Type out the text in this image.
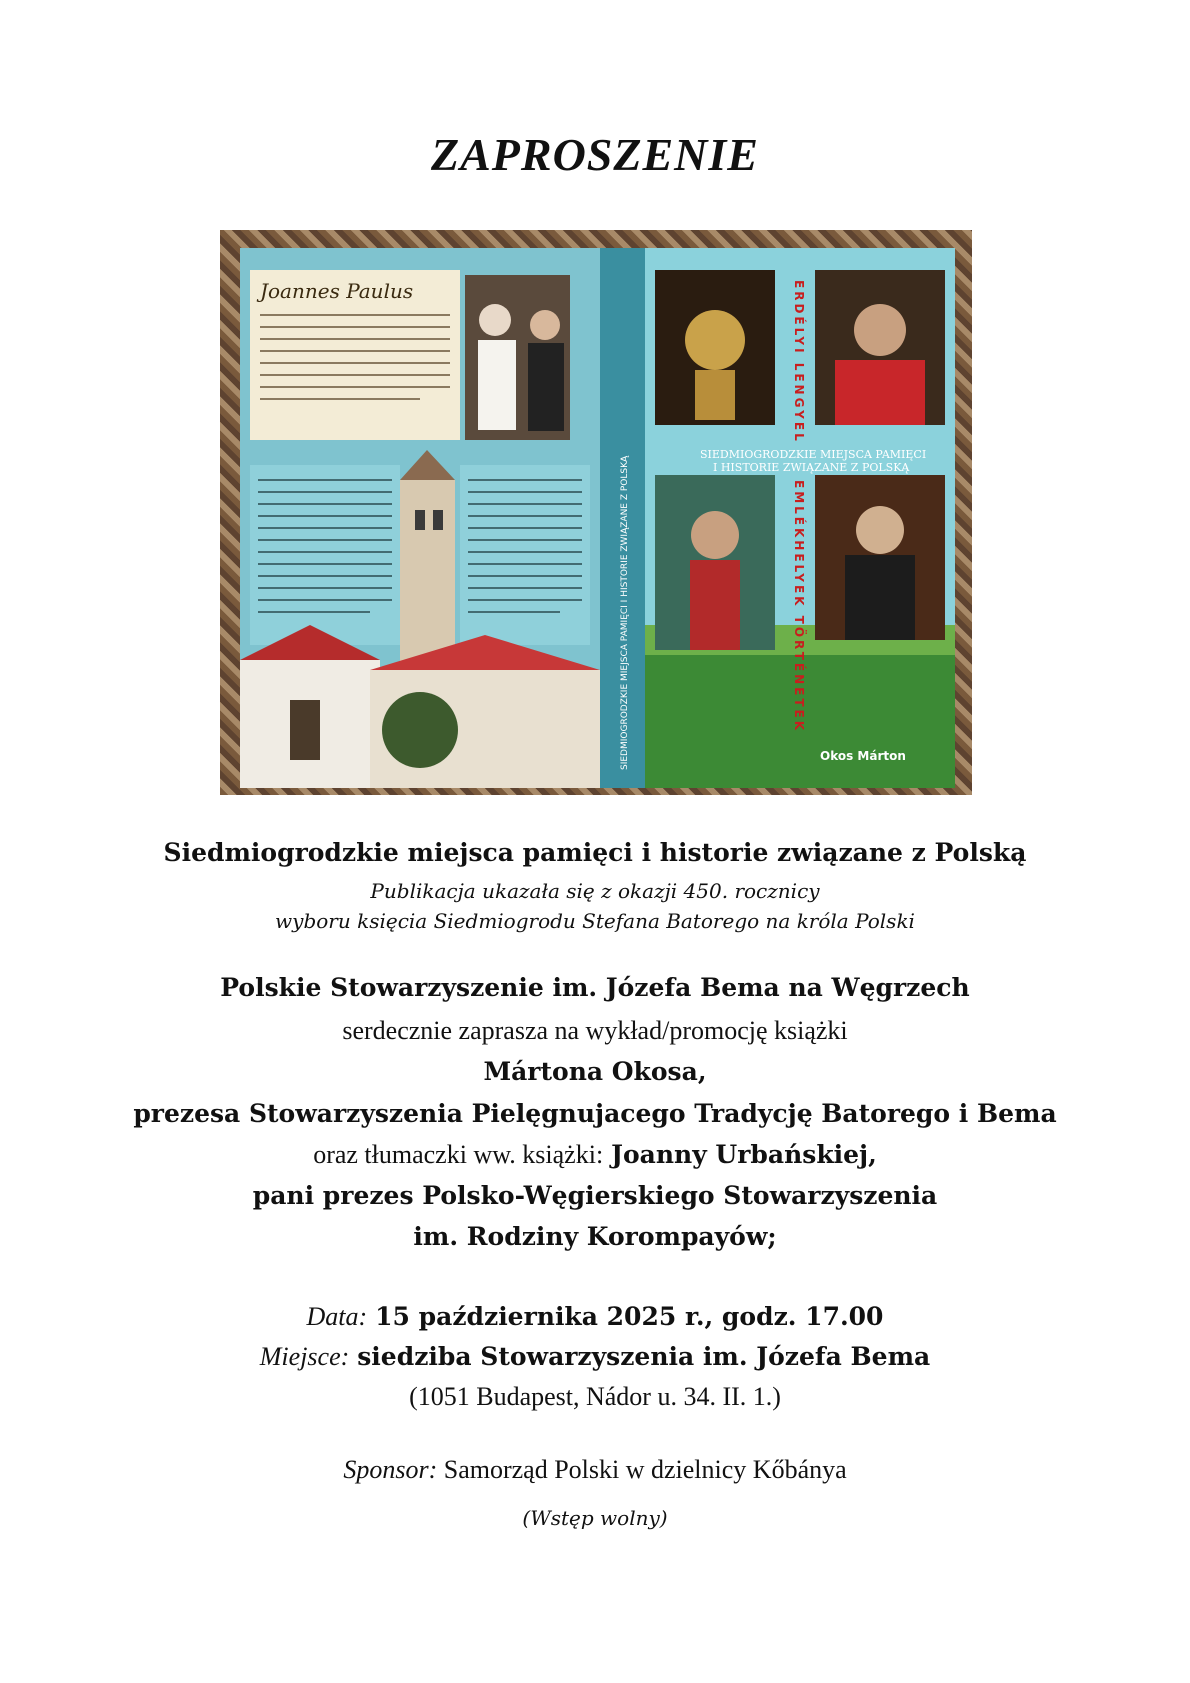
ZAPROSZENIE
Joannes Paulus
SIEDMIOGRODZKIE MIEJSCA PAMIĘCI I HISTORIE ZWIĄZANE Z POLSKĄ
SIEDMIOGRODZKIE MIEJSCA PAMIĘCI
I HISTORIE ZWIĄZANE Z POLSKĄ
ERDÉLYI LENGYEL
EMLÉKHELYEK TÖRTÉNETEK
Okos Márton
Siedmiogrodzkie miejsca pamięci i historie związane z Polską
Publikacja ukazała się z okazji 450. rocznicy
wyboru księcia Siedmiogrodu Stefana Batorego na króla Polski
Polskie Stowarzyszenie im. Józefa Bema na Węgrzech
serdecznie zaprasza na wykład/promocję książki
Mártona Okosa,
prezesa Stowarzyszenia Pielęgnujacego Tradycję Batorego i Bema
oraz tłumaczki ww. książki: Joanny Urbańskiej,
pani prezes Polsko-Węgierskiego Stowarzyszenia
im. Rodziny Korompayów;
Data: 15 października 2025 r., godz. 17.00
Miejsce: siedziba Stowarzyszenia im. Józefa Bema
(1051 Budapest, Nádor u. 34. II. 1.)
Sponsor: Samorząd Polski w dzielnicy Kőbánya
(Wstęp wolny)
